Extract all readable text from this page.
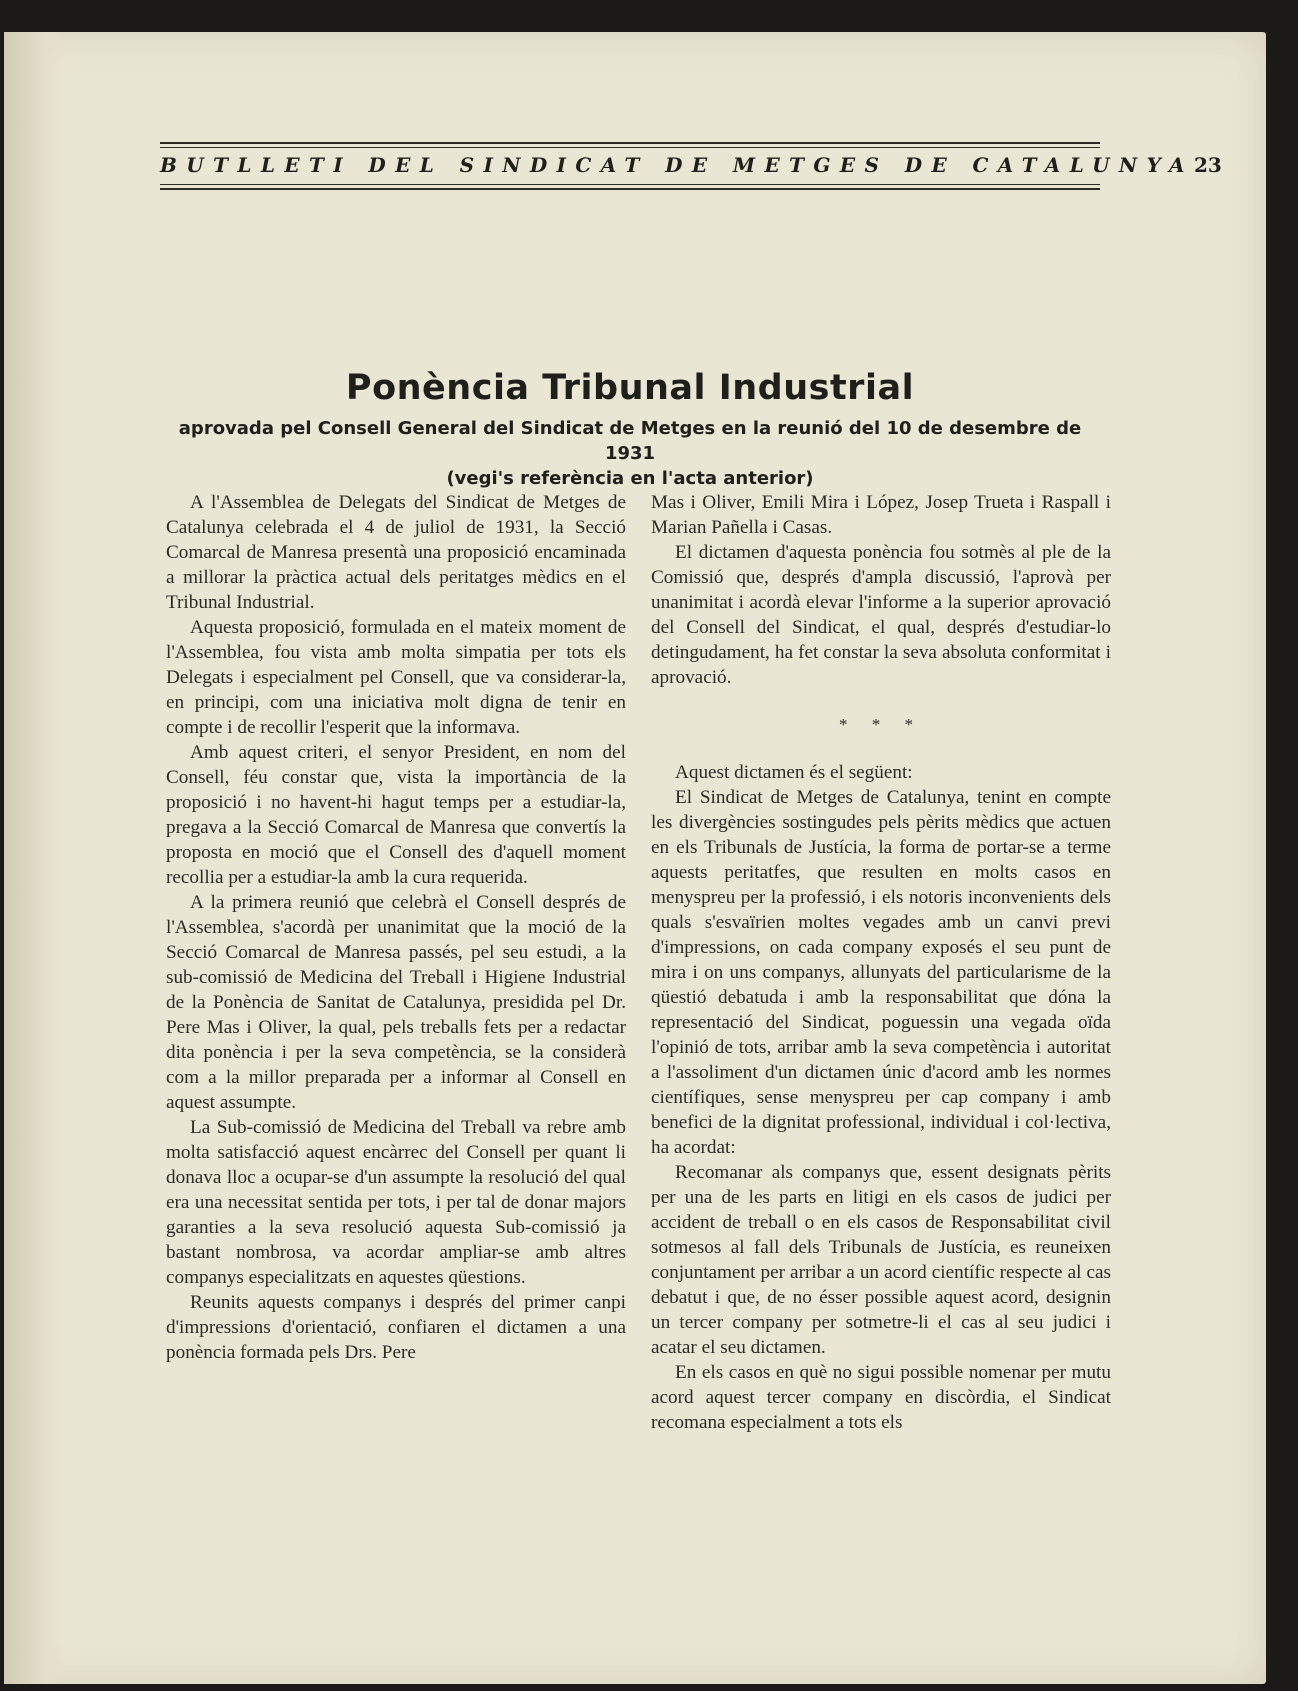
BUTLLETI DEL SINDICAT DE METGES DE CATALUNYA 23
Ponència Tribunal Industrial

aprovada pel Consell General del Sindicat de Metges en la reunió del 10 de desembre de 1931

(vegi's referència en l'acta anterior)

A l'Assemblea de Delegats del Sindicat de Metges de Catalunya celebrada el 4 de juliol de 1931, la Secció Comarcal de Manresa presentà una proposició encaminada a millorar la pràctica actual dels peritatges mèdics en el Tribunal Industrial.

Aquesta proposició, formulada en el mateix moment de l'Assemblea, fou vista amb molta simpatia per tots els Delegats i especialment pel Consell, que va considerar-la, en principi, com una iniciativa molt digna de tenir en compte i de recollir l'esperit que la informava.

Amb aquest criteri, el senyor President, en nom del Consell, féu constar que, vista la importància de la proposició i no havent-hi hagut temps per a estudiar-la, pregava a la Secció Comarcal de Manresa que convertís la proposta en moció que el Consell des d'aquell moment recollia per a estudiar-la amb la cura requerida.

A la primera reunió que celebrà el Consell després de l'Assemblea, s'acordà per unanimitat que la moció de la Secció Comarcal de Manresa passés, pel seu estudi, a la sub-comissió de Medicina del Treball i Higiene Industrial de la Ponència de Sanitat de Catalunya, presidida pel Dr. Pere Mas i Oliver, la qual, pels treballs fets per a redactar dita ponència i per la seva competència, se la considerà com a la millor preparada per a informar al Consell en aquest assumpte.

La Sub-comissió de Medicina del Treball va rebre amb molta satisfacció aquest encàrrec del Consell per quant li donava lloc a ocupar-se d'un assumpte la resolució del qual era una necessitat sentida per tots, i per tal de donar majors garanties a la seva resolució aquesta Sub-comissió ja bastant nombrosa, va acordar ampliar-se amb altres companys especialitzats en aquestes qüestions.

Reunits aquests companys i després del primer canpi d'impressions d'orientació, confiaren el dictamen a una ponència formada pels Drs. Pere

Mas i Oliver, Emili Mira i López, Josep Trueta i Raspall i Marian Pañella i Casas.

El dictamen d'aquesta ponència fou sotmès al ple de la Comissió que, després d'ampla discussió, l'aprovà per unanimitat i acordà elevar l'informe a la superior aprovació del Consell del Sindicat, el qual, després d'estudiar-lo detingudament, ha fet constar la seva absoluta conformitat i aprovació.

* * *

Aquest dictamen és el següent:

El Sindicat de Metges de Catalunya, tenint en compte les divergències sostingudes pels pèrits mèdics que actuen en els Tribunals de Justícia, la forma de portar-se a terme aquests peritatfes, que resulten en molts casos en menyspreu per la professió, i els notoris inconvenients dels quals s'esvaïrien moltes vegades amb un canvi previ d'impressions, on cada company exposés el seu punt de mira i on uns companys, allunyats del particularisme de la qüestió debatuda i amb la responsabilitat que dóna la representació del Sindicat, poguessin una vegada oïda l'opinió de tots, arribar amb la seva competència i autoritat a l'assoliment d'un dictamen únic d'acord amb les normes científiques, sense menyspreu per cap company i amb benefici de la dignitat professional, individual i col·lectiva, ha acordat:

Recomanar als companys que, essent designats pèrits per una de les parts en litigi en els casos de judici per accident de treball o en els casos de Responsabilitat civil sotmesos al fall dels Tribunals de Justícia, es reuneixen conjuntament per arribar a un acord científic respecte al cas debatut i que, de no ésser possible aquest acord, designin un tercer company per sotmetre-li el cas al seu judici i acatar el seu dictamen.

En els casos en què no sigui possible nomenar per mutu acord aquest tercer company en discòrdia, el Sindicat recomana especialment a tots els
